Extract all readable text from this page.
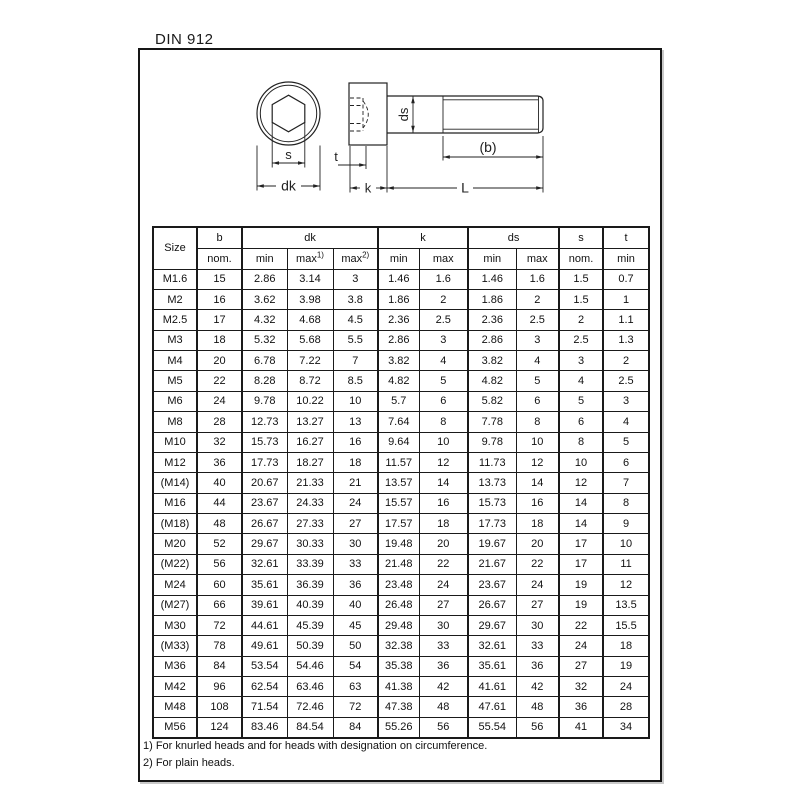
DIN 912
s
dk
ds
t
k
(b)
L
Size	b	dk			k		ds		s	t
	nom.	min	$\max^{1)}$	$\max^{2)}$	min	max	min	max	nom.	min
M1.6	15	2.86	3.14	3	1.46	1.6	1.46	1.6	1.5	0.7
M2	16	3.62	3.98	3.8	1.86	2	1.86	2	1.5	1
M2.5	17	4.32	4.68	4.5	2.36	2.5	2.36	2.5	2	1.1
M3	18	5.32	5.68	5.5	2.86	3	2.86	3	2.5	1.3
M4	20	6.78	7.22	7	3.82	4	3.82	4	3	2
M5	22	8.28	8.72	8.5	4.82	5	4.82	5	4	2.5
M6	24	9.78	10.22	10	5.7	6	5.82	6	5	3
M8	28	12.73	13.27	13	7.64	8	7.78	8	6	4
M10	32	15.73	16.27	16	9.64	10	9.78	10	8	5
M12	36	17.73	18.27	18	11.57	12	11.73	12	10	6
(M14)	40	20.67	21.33	21	13.57	14	13.73	14	12	7
M16	44	23.67	24.33	24	15.57	16	15.73	16	14	8
(M18)	48	26.67	27.33	27	17.57	18	17.73	18	14	9
M20	52	29.67	30.33	30	19.48	20	19.67	20	17	10
(M22)	56	32.61	33.39	33	21.48	22	21.67	22	17	11
M24	60	35.61	36.39	36	23.48	24	23.67	24	19	12
(M27)	66	39.61	40.39	40	26.48	27	26.67	27	19	13.5
M30	72	44.61	45.39	45	29.48	30	29.67	30	22	15.5
(M33)	78	49.61	50.39	50	32.38	33	32.61	33	24	18
M36	84	53.54	54.46	54	35.38	36	35.61	36	27	19
M42	96	62.54	63.46	63	41.38	42	41.61	42	32	24
M48	108	71.54	72.46	72	47.38	48	47.61	48	36	28
M56	124	83.46	84.54	84	55.26	56	55.54	56	41	34
1) For knurled heads and for heads with designation on circumference.
2) For plain heads.
